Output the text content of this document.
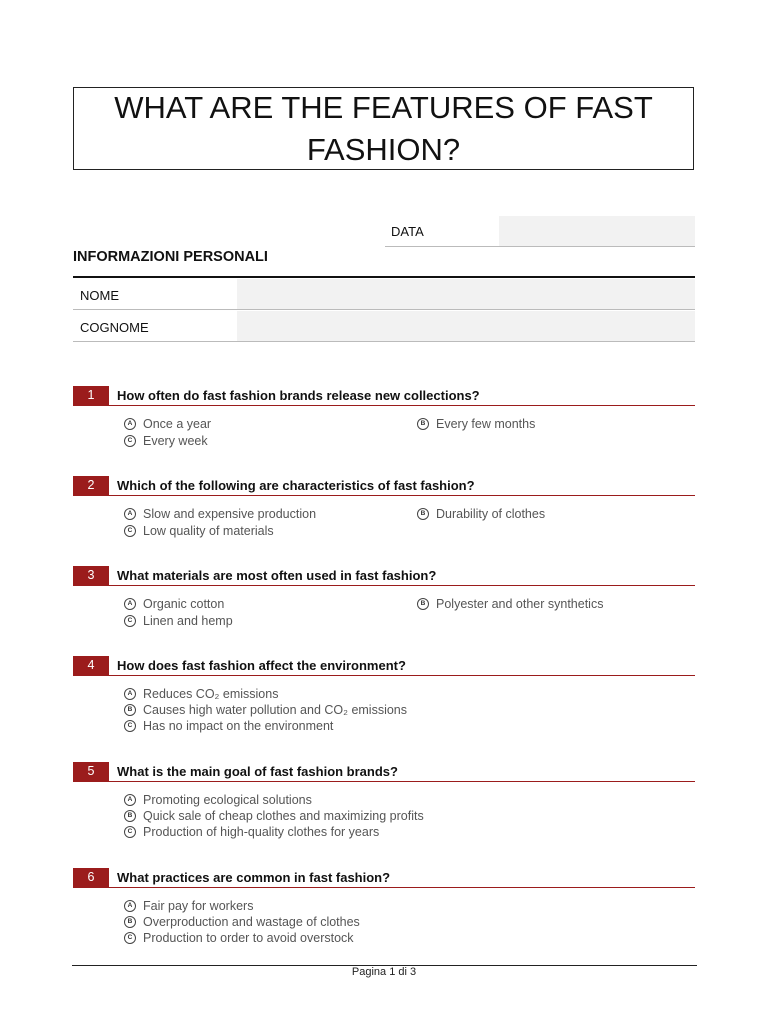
WHAT ARE THE FEATURES OF FAST FASHION?
DATA
INFORMAZIONI PERSONALI
NOME
COGNOME
1	How often do fast fashion brands release new collections?
A Once a year	B Every few months
C Every week
2	Which of the following are characteristics of fast fashion?
A Slow and expensive production	B Durability of clothes
C Low quality of materials
3	What materials are most often used in fast fashion?
A Organic cotton	B Polyester and other synthetics
C Linen and hemp
4	How does fast fashion affect the environment?
A Reduces CO₂ emissions
B Causes high water pollution and CO₂ emissions
C Has no impact on the environment
5	What is the main goal of fast fashion brands?
A Promoting ecological solutions
B Quick sale of cheap clothes and maximizing profits
C Production of high-quality clothes for years
6	What practices are common in fast fashion?
A Fair pay for workers
B Overproduction and wastage of clothes
C Production to order to avoid overstock
Pagina 1 di 3
